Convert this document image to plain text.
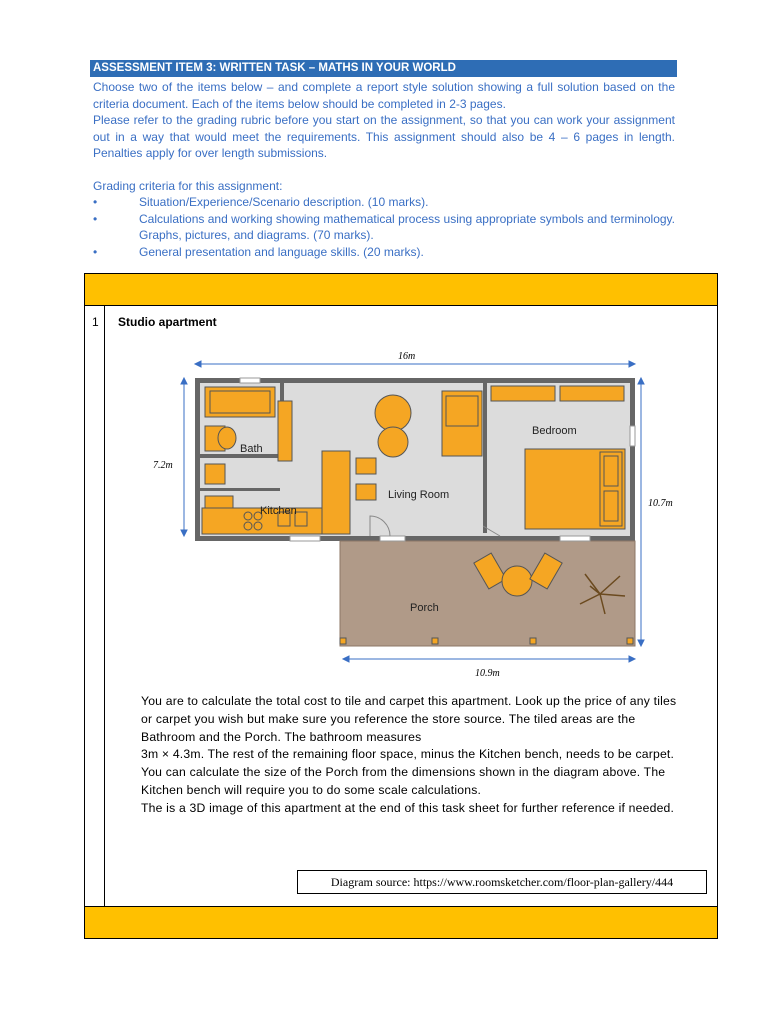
ASSESSMENT ITEM 3: WRITTEN TASK – MATHS IN YOUR WORLD

Choose two of the items below – and complete a report style solution showing a full solution based on the criteria document. Each of the items below should be completed in 2-3 pages.

Please refer to the grading rubric before you start on the assignment, so that you can work your assignment out in a way that would meet the requirements. This assignment should also be 4 – 6 pages in length. Penalties apply for over length submissions.

Grading criteria for this assignment:

•	Situation/Experience/Scenario description. (10 marks).
•	Calculations and working showing mathematical process using appropriate symbols and terminology. Graphs, pictures, and diagrams. (70 marks).
•	General presentation and language skills. (20 marks).
1 Studio apartment
16m
7.2m
10.7m
10.9m
Bath
Kitchen
Living Room
Bedroom
Porch

You are to calculate the total cost to tile and carpet this apartment. Look up the price of any tiles or carpet you wish but make sure you reference the store source. The tiled areas are the Bathroom and the Porch. The bathroom measures

3m × 4.3m. The rest of the remaining floor space, minus the Kitchen bench, needs to be carpet. You can calculate the size of the Porch from the dimensions shown in the diagram above. The Kitchen bench will require you to do some scale calculations.

The is a 3D image of this apartment at the end of this task sheet for further reference if needed.

Diagram source: https://www.roomsketcher.com/floor-plan-gallery/444
